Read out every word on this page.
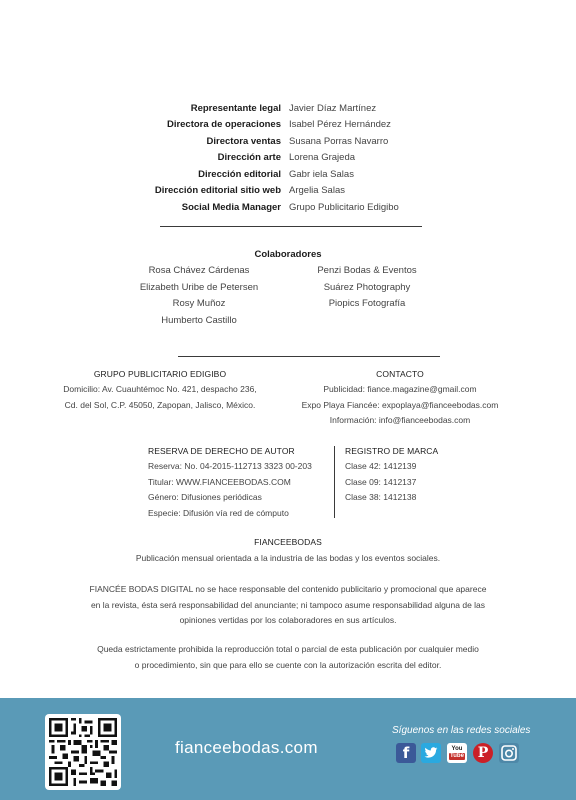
Representante legal Javier Díaz Martínez
Directora de operaciones Isabel Pérez Hernández
Directora ventas Susana Porras Navarro
Dirección arte Lorena Grajeda
Dirección editorial Gabr iela Salas
Dirección editorial sitio web Argelia Salas
Social Media Manager Grupo Publicitario Edigibo
Colaboradores
Rosa Chávez Cárdenas
Elizabeth Uribe de Petersen
Rosy Muñoz
Humberto Castillo
Penzi Bodas & Eventos
Suárez Photography
Piopics Fotografía
GRUPO PUBLICITARIO EDIGIBO
Domicilio: Av. Cuauhtémoc No. 421, despacho 236,
Cd. del Sol, C.P. 45050, Zapopan, Jalisco, México.
CONTACTO
Publicidad: fiance.magazine@gmail.com
Expo Playa Fiancée: expoplaya@fianceebodas.com
Información: info@fianceebodas.com
RESERVA DE DERECHO DE AUTOR
Reserva: No. 04-2015-112713 3323 00-203
Titular: WWW.FIANCEEBODAS.COM
Género: Difusiones periódicas
Especie: Difusión vía red de cómputo
REGISTRO DE MARCA
Clase 42: 1412139
Clase 09: 1412137
Clase 38: 1412138
FIANCEEBODAS
Publicación mensual orientada a la industria de las bodas y los eventos sociales.
FIANCÉE BODAS DIGITAL no se hace responsable del contenido publicitario y promocional que aparece
en la revista, ésta será responsabilidad del anunciante; ni tampoco asume responsabilidad alguna de las
opiniones vertidas por los colaboradores en sus artículos.
Queda estrictamente prohibida la reproducción total o parcial de esta publicación por cualquier medio
o procedimiento, sin que para ello se cuente con la autorización escrita del editor.
fianceebodas.com
Síguenos en las redes sociales
f	You
Tube P
